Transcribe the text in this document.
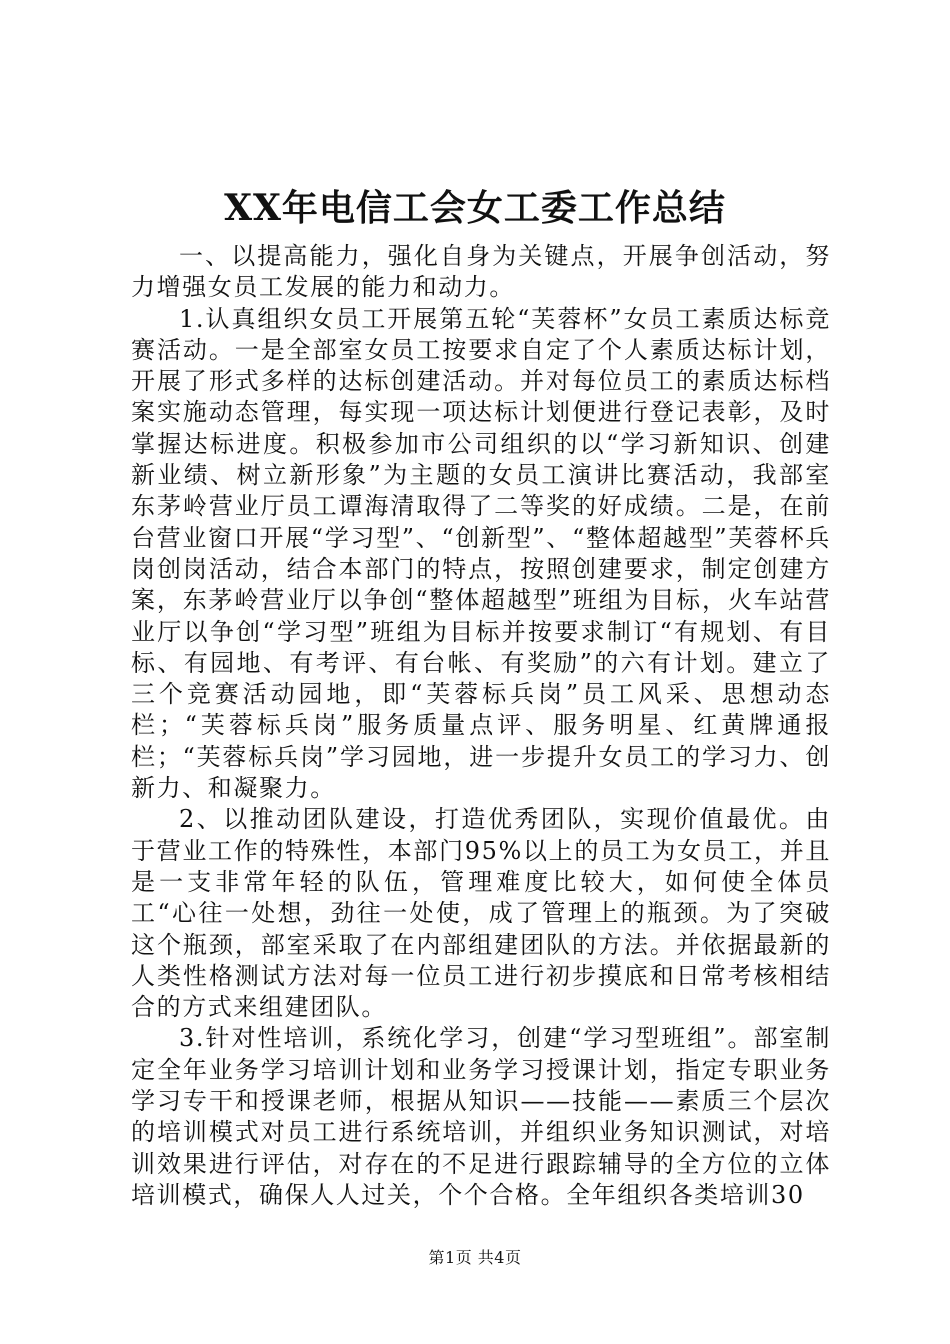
XX年电信工会女工委工作总结

一、以提高能力，强化自身为关键点，开展争创活动，努力增强女员工发展的能力和动力。

1.认真组织女员工开展第五轮“芙蓉杯”女员工素质达标竞赛活动。一是全部室女员工按要求自定了个人素质达标计划，开展了形式多样的达标创建活动。并对每位员工的素质达标档案实施动态管理，每实现一项达标计划便进行登记表彰，及时掌握达标进度。积极参加市公司组织的以“学习新知识、创建新业绩、树立新形象”为主题的女员工演讲比赛活动，我部室东茅岭营业厅员工谭海清取得了二等奖的好成绩。二是，在前台营业窗口开展“学习型”、“创新型”、“整体超越型”芙蓉杯兵岗创岗活动，结合本部门的特点，按照创建要求，制定创建方案，东茅岭营业厅以争创“整体超越型”班组为目标，火车站营业厅以争创“学习型”班组为目标并按要求制订“有规划、有目标、有园地、有考评、有台帐、有奖励”的六有计划。建立了三个竞赛活动园地，即“芙蓉标兵岗”员工风采、思想动态栏；“芙蓉标兵岗”服务质量点评、服务明星、红黄牌通报栏；“芙蓉标兵岗”学习园地，进一步提升女员工的学习力、创新力、和凝聚力。

2、以推动团队建设，打造优秀团队，实现价值最优。由于营业工作的特殊性，本部门95%以上的员工为女员工，并且是一支非常年轻的队伍，管理难度比较大，如何使全体员工“心往一处想，劲往一处使，成了管理上的瓶颈。为了突破这个瓶颈，部室采取了在内部组建团队的方法。并依据最新的人类性格测试方法对每一位员工进行初步摸底和日常考核相结合的方式来组建团队。

3.针对性培训，系统化学习，创建“学习型班组”。部室制定全年业务学习培训计划和业务学习授课计划，指定专职业务学习专干和授课老师，根据从知识——技能——素质三个层次的培训模式对员工进行系统培训，并组织业务知识测试，对培训效果进行评估，对存在的不足进行跟踪辅导的全方位的立体培训模式，确保人人过关，个个合格。全年组织各类培训30

第1页 共4页
